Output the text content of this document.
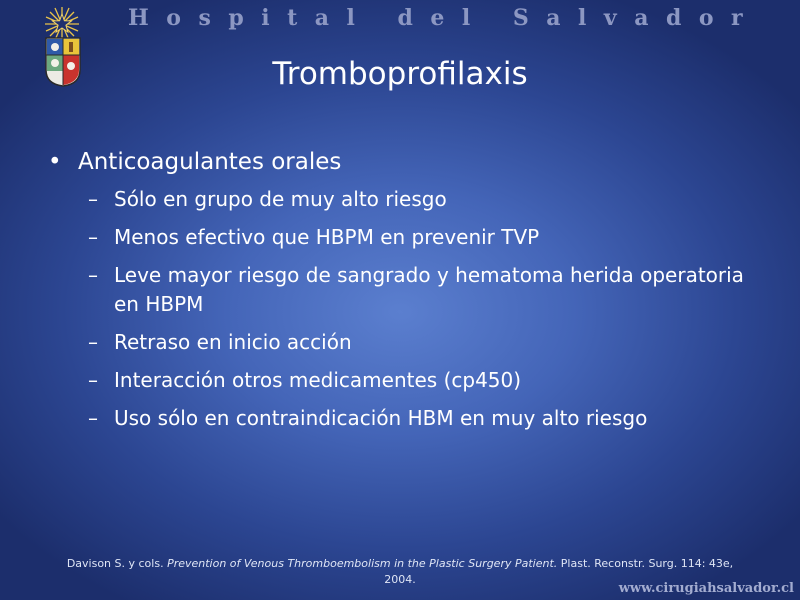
Hospital del Salvador
Tromboprofilaxis
• Anticoagulantes orales
– Sólo en grupo de muy alto riesgo
– Menos efectivo que HBPM en prevenir TVP
– Leve mayor riesgo de sangrado y hematoma herida operatoria en HBPM
– Retraso en inicio acción
– Interacción otros medicamentes (cp450)
– Uso sólo en contraindicación HBM en muy alto riesgo
Davison S. y cols. Prevention of Venous Thromboembolism in the Plastic Surgery Patient. Plast. Reconstr. Surg. 114: 43e, 2004.
www.cirugiahsalvador.cl
